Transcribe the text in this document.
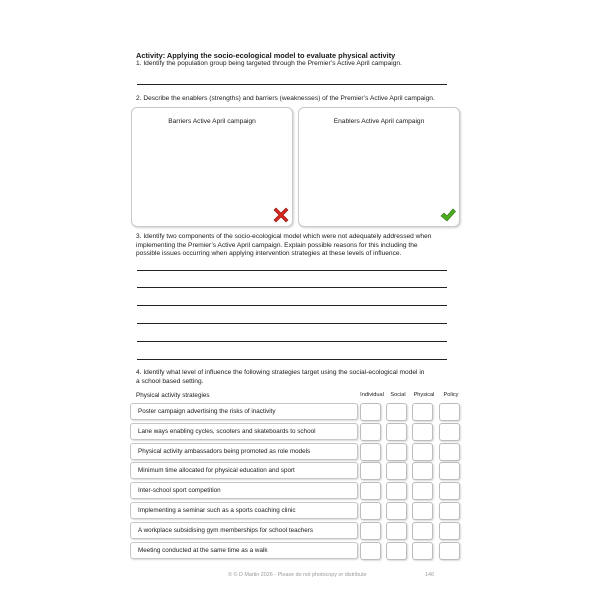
Activity: Applying the socio-ecological model to evaluate physical activity
1. Identify the population group being targeted through the Premier’s Active April campaign.
2. Describe the enablers (strengths) and barriers (weaknesses) of the Premier’s Active April campaign.
Barriers Active April campaign	Enablers Active April campaign
3. Identify two components of the socio-ecological model which were not adequately addressed when
implementing the Premier’s Active April campaign. Explain possible reasons for this including the
possible issues occurring when applying intervention strategies at these levels of influence.
4. Identify what level of influence the following strategies target using the social-ecological model in
a school based setting.
Physical activity strategies	Individual	Social	Physical	Policy
Poster campaign advertising the risks of inactivity
Lane ways enabling cycles, scooters and skateboards to school
Physical activity ambassadors being promoted as role models
Minimum time allocated for physical education and sport
Inter-school sport competition
Implementing a seminar such as a sports coaching clinic
A workplace subsidising gym memberships for school teachers
Meeting conducted at the same time as a walk
© © D Martin 2026 - Please do not photocopy or distribute	146
